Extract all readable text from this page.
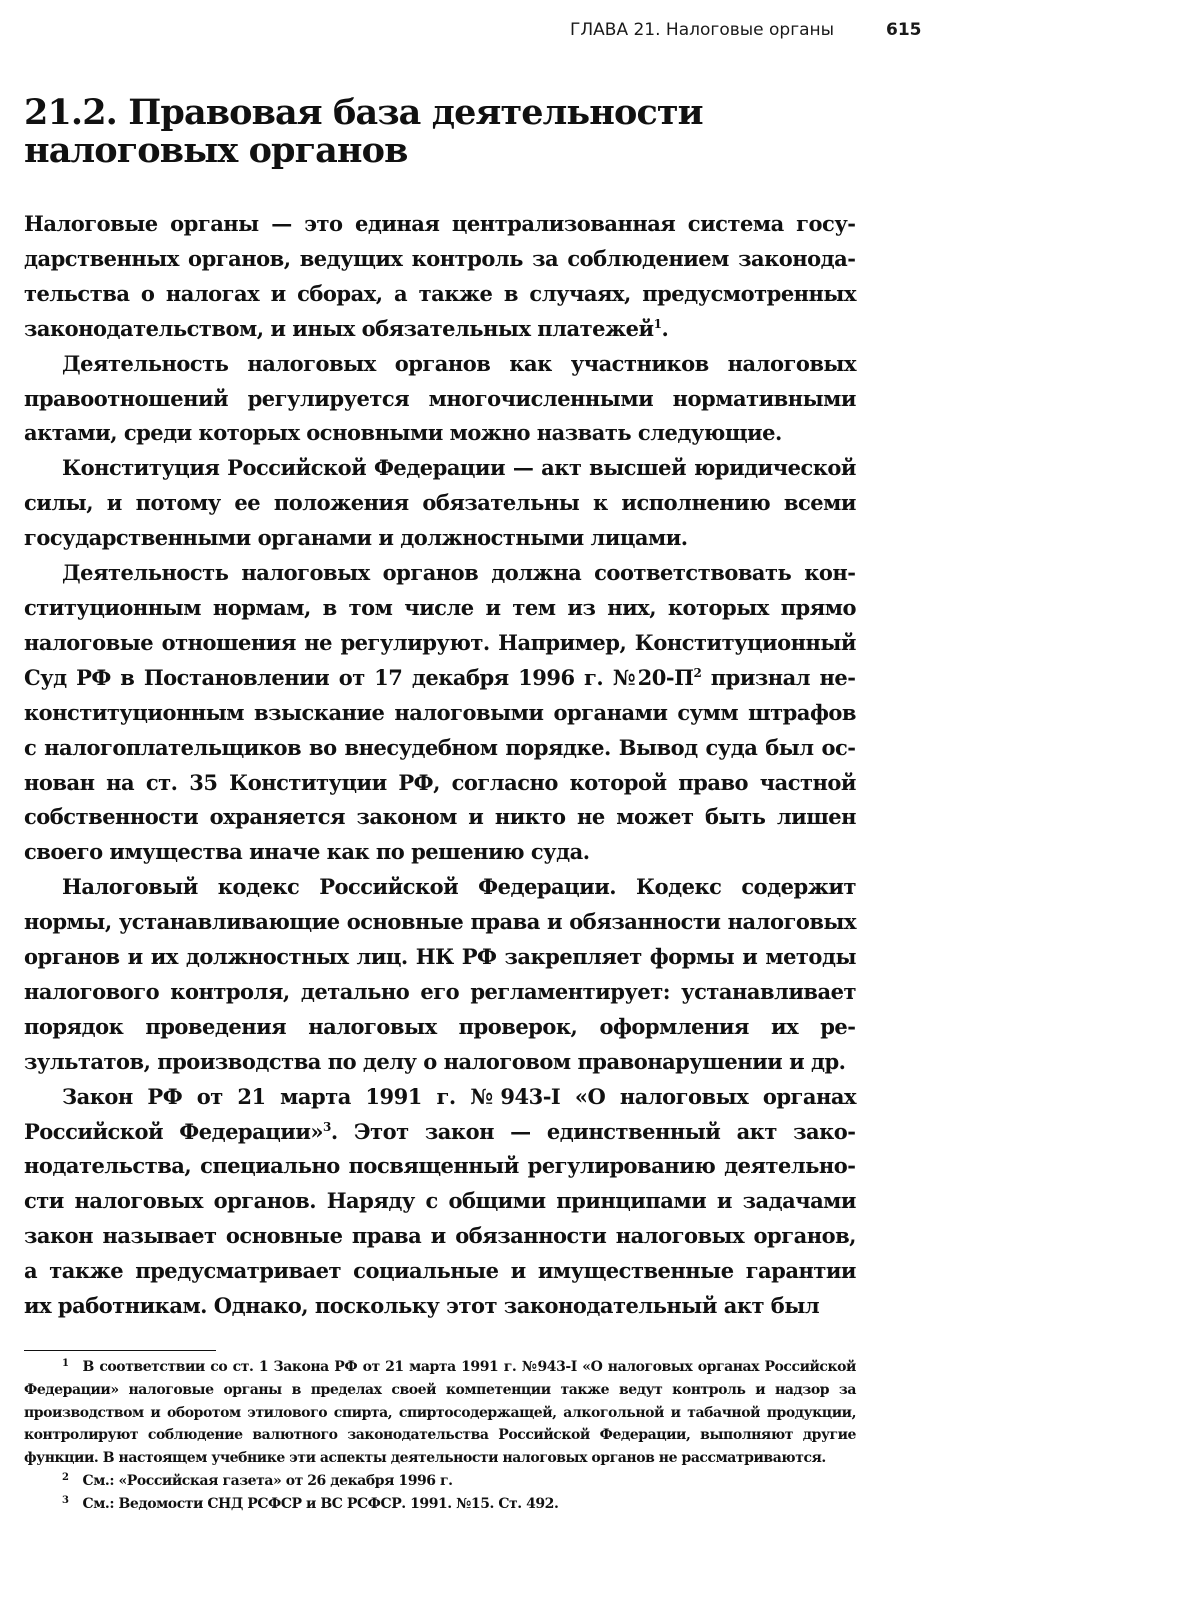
ГЛАВА 21. Налоговые органы	615
21.2. Правовая база деятельности
налоговых органов

Налоговые органы — это единая централизованная система государственных органов, ведущих контроль за соблюдением законодательства о налогах и сборах, а также в случаях, предусмотренных законодательством, и иных обязательных платежей$^1$.

Деятельность налоговых органов как участников налоговых правоотношений регулируется многочисленными нормативными актами, среди которых основными можно назвать следующие.

Конституция Российской Федерации — акт высшей юридической силы, и потому ее положения обязательны к исполнению всеми государственными органами и должностными лицами.

Деятельность налоговых органов должна соответствовать конституционным нормам, в том числе и тем из них, которых прямо налоговые отношения не регулируют. Например, Конституционный Суд РФ в Постановлении от 17 декабря 1996 г. $№20-П^2$ признал неконституционным взыскание налоговыми органами сумм штрафов с налогоплательщиков во внесудебном порядке. Вывод суда был основан на ст. 35 Конституции РФ, согласно которой право частной собственности охраняется законом и никто не может быть лишен своего имущества иначе как по решению суда.

Налоговый кодекс Российской Федерации. Кодекс содержит нормы, устанавливающие основные права и обязанности налоговых органов и их должностных лиц. НК РФ закрепляет формы и методы налогового контроля, детально его регламентирует: устанавливает порядок проведения налоговых проверок, оформления их результатов, производства по делу о налоговом правонарушении и др.

Закон РФ от 21 марта 1991 г. №943-I «О налоговых органах Российской Федерации»$^3$. Этот закон — единственный акт законодательства, специально посвященный регулированию деятельности налоговых органов. Наряду с общими принципами и задачами закон называет основные права и обязанности налоговых органов, а также предусматривает социальные и имущественные гарантии их работникам. Однако, поскольку этот законодательный акт был

$^1$ В соответствии со ст. 1 Закона РФ от 21 марта 1991 г. №943-I «О налоговых органах Российской Федерации» налоговые органы в пределах своей компетенции также ведут контроль и надзор за производством и оборотом этилового спирта, спиртосодержащей, алкогольной и табачной продукции, контролируют соблюдение валютного законодательства Российской Федерации, выполняют другие функции. В настоящем учебнике эти аспекты деятельности налоговых органов не рассматриваются.

$^2$ См.: «Российская газета» от 26 декабря 1996 г.

$^3$ См.: Ведомости СНД РСФСР и ВС РСФСР. 1991. №15. Ст. 492.
